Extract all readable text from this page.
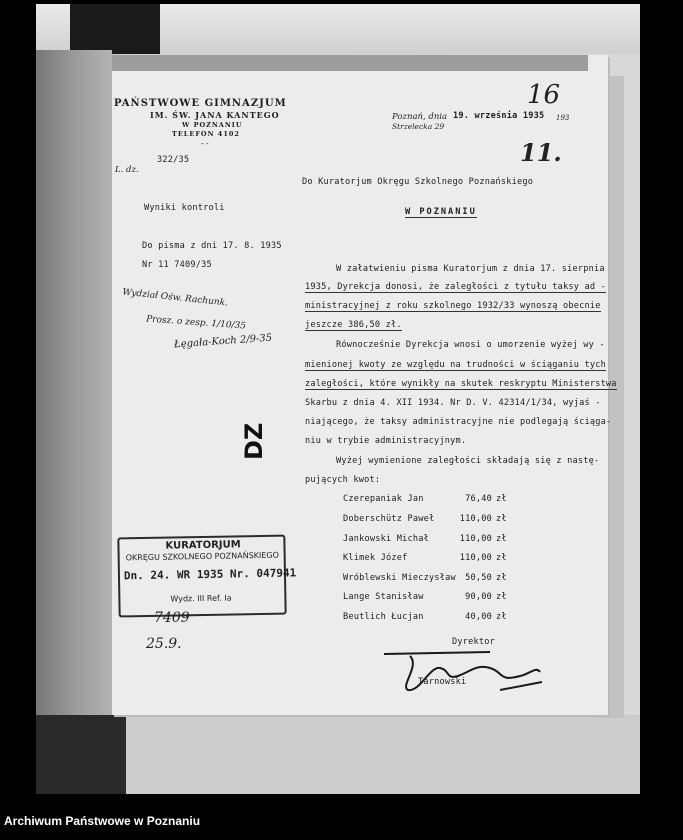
PAŃSTWOWE GIMNAZJUM
IM. ŚW. JANA KANTEGO
W POZNANIU
TELEFON 4102
--
Poznań, dnia
Strzelecka 29
19. września 1935 193
16
11.
L. dz.
322/35
Wyniki kontroli
Do pisma z dni 17. 8. 1935
Nr 11 7409/35
Do Kuratorjum Okręgu Szkolnego Poznańskiego
W POZNANIU
Wydział Ośw. Rachunk.
Prosz. o zesp. 1/10/35
Łęgała-Koch 2/9-35
W załatwieniu pisma Kuratorjum z dnia 17. sierpnia
1935, Dyrekcja donosi, że zaległości z tytułu taksy ad -
ministracyjnej z roku szkolnego 1932/33 wynoszą obecnie
jeszcze 386,50 zł.
Równocześnie Dyrekcja wnosi o umorzenie wyżej wy -
mienionej kwoty ze względu na trudności w ściąganiu tych
zaległości, które wynikły na skutek reskryptu Ministerstwa
Skarbu z dnia 4. XII 1934. Nr D. V. 42314/1/34, wyjaś -
niającego, że taksy administracyjne nie podlegają ściąga-
niu w trybie administracyjnym.
Wyżej wymienione zaległości składają się z nastę-
pujących kwot:
Czerepaniak Jan	76,40 zł
Doberschütz Paweł	110,00 zł
Jankowski Michał	110,00 zł
Klimek Józef	110,00 zł
Wróblewski Mieczysław	50,50 zł
Lange Stanisław	90,00 zł
Beutlich Łucjan	40,00 zł
Dyrektor
Tarnowski
DZ
KURATORJUM
OKRĘGU SZKOLNEGO POZNAŃSKIEGO
Dn. 24. WR 1935 Nr. 047941
Wydz. III Ref. Ia
7409
25.9.
Archiwum Państwowe w Poznaniu
